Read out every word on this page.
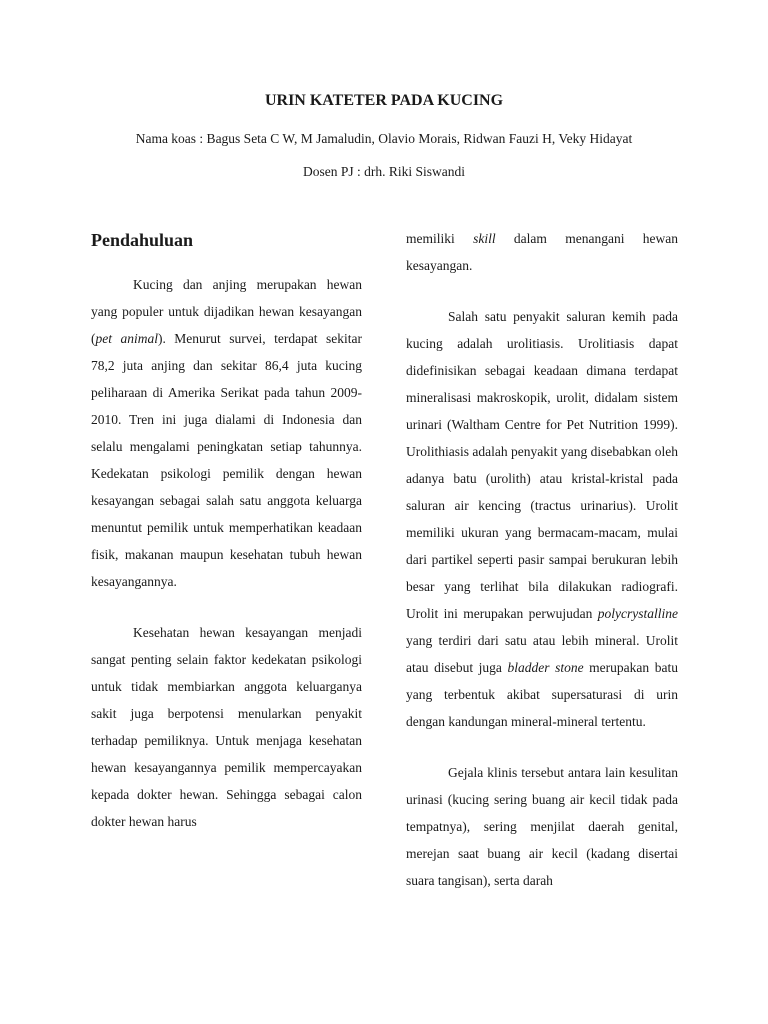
URIN KATETER PADA KUCING
Nama koas : Bagus Seta C W, M Jamaludin, Olavio Morais, Ridwan Fauzi H, Veky Hidayat
Dosen PJ : drh. Riki Siswandi
Pendahuluan

Kucing dan anjing merupakan hewan yang populer untuk dijadikan hewan kesayangan (pet animal). Menurut survei, terdapat sekitar 78,2 juta anjing dan sekitar 86,4 juta kucing peliharaan di Amerika Serikat pada tahun 2009-2010. Tren ini juga dialami di Indonesia dan selalu mengalami peningkatan setiap tahunnya. Kedekatan psikologi pemilik dengan hewan kesayangan sebagai salah satu anggota keluarga menuntut pemilik untuk memperhatikan keadaan fisik, makanan maupun kesehatan tubuh hewan kesayangannya.

Kesehatan hewan kesayangan menjadi sangat penting selain faktor kedekatan psikologi untuk tidak membiarkan anggota keluarganya sakit juga berpotensi menularkan penyakit terhadap pemiliknya. Untuk menjaga kesehatan hewan kesayangannya pemilik mempercayakan kepada dokter hewan. Sehingga sebagai calon dokter hewan harus

memiliki skill dalam menangani hewan kesayangan.

Salah satu penyakit saluran kemih pada kucing adalah urolitiasis. Urolitiasis dapat didefinisikan sebagai keadaan dimana terdapat mineralisasi makroskopik, urolit, didalam sistem urinari (Waltham Centre for Pet Nutrition 1999). Urolithiasis adalah penyakit yang disebabkan oleh adanya batu (urolith) atau kristal-kristal pada saluran air kencing (tractus urinarius). Urolit memiliki ukuran yang bermacam-macam, mulai dari partikel seperti pasir sampai berukuran lebih besar yang terlihat bila dilakukan radiografi. Urolit ini merupakan perwujudan polycrystalline yang terdiri dari satu atau lebih mineral. Urolit atau disebut juga bladder stone merupakan batu yang terbentuk akibat supersaturasi di urin dengan kandungan mineral-mineral tertentu.

Gejala klinis tersebut antara lain kesulitan urinasi (kucing sering buang air kecil tidak pada tempatnya), sering menjilat daerah genital, merejan saat buang air kecil (kadang disertai suara tangisan), serta darah
